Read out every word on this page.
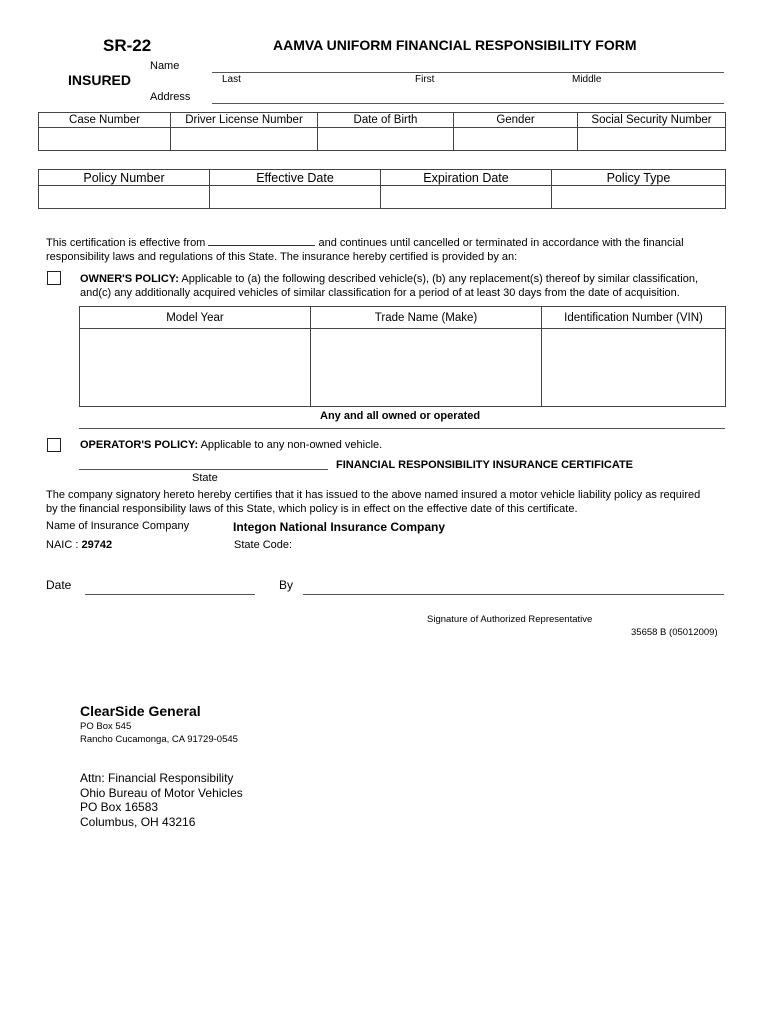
SR-22	AAMVA UNIFORM FINANCIAL RESPONSIBILITY FORM
INSURED
Name
Last	First	Middle
Address
Case Number	Driver License Number	Date of Birth	Gender	Social Security Number

Policy Number	Effective Date	Expiration Date	Policy Type

This certification is effective from	and continues until cancelled or terminated in accordance with the financial
responsibility laws and regulations of this State. The insurance hereby certified is provided by an:

OWNER'S POLICY: Applicable to (a) the following described vehicle(s), (b) any replacement(s) thereof by similar classification,
and(c) any additionally acquired vehicles of similar classification for a period of at least 30 days from the date of acquisition.

Model Year	Trade Name (Make)	Identification Number (VIN)

Any and all owned or operated

OPERATOR'S POLICY: Applicable to any non-owned vehicle.

State
FINANCIAL RESPONSIBILITY INSURANCE CERTIFICATE

The company signatory hereto hereby certifies that it has issued to the above named insured a motor vehicle liability policy as required
by the financial responsibility laws of this State, which policy is in effect on the effective date of this certificate.

Name of Insurance Company	Integon National Insurance Company
NAIC : 29742	State Code:
Date	By
Signature of Authorized Representative
35658 B (05012009)
ClearSide General
PO Box 545
Rancho Cucamonga, CA 91729-0545
Attn: Financial Responsibility
Ohio Bureau of Motor Vehicles
PO Box 16583
Columbus, OH 43216
